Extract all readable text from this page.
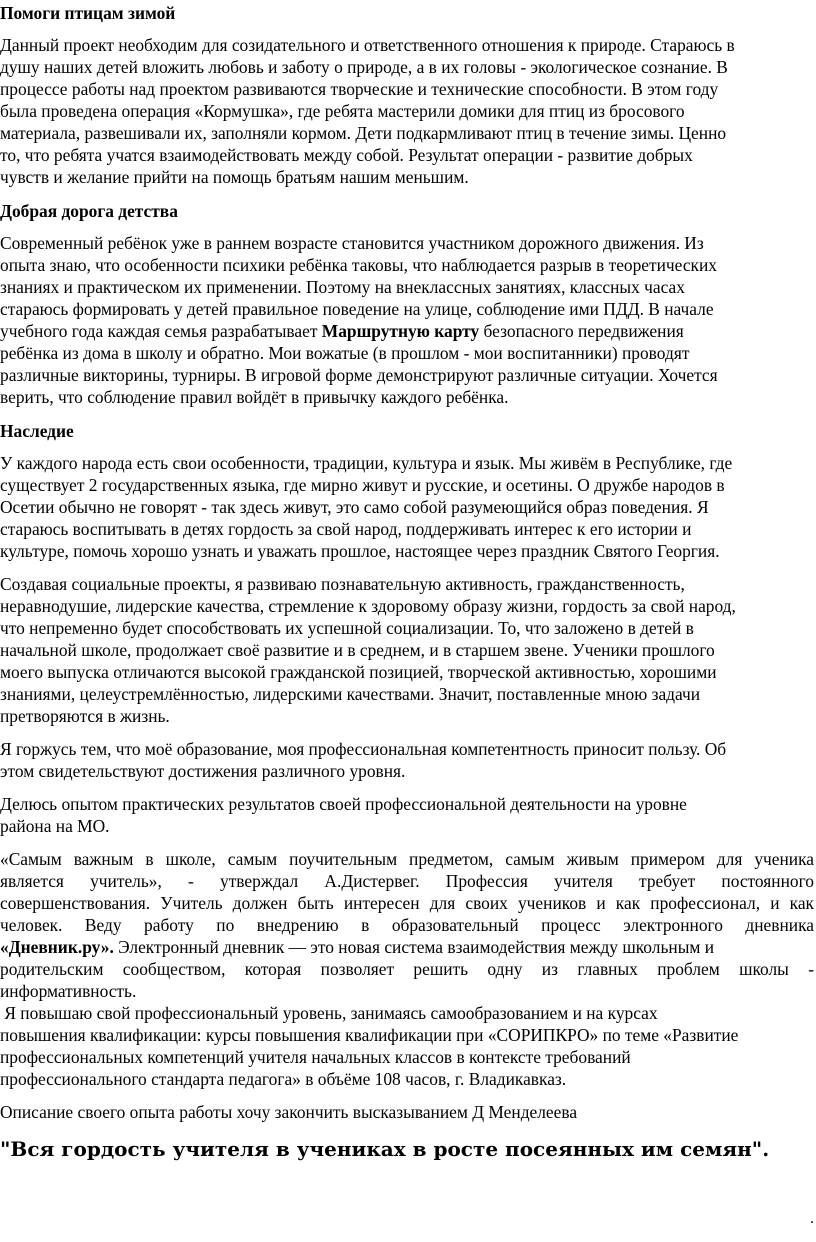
Помоги птицам зимой
Данный проект необходим для созидательного и ответственного отношения к природе. Стараюсь в
душу наших детей вложить любовь и заботу о природе, а в их головы - экологическое сознание. В
процессе работы над проектом развиваются творческие и технические способности. В этом году
была проведена операция «Кормушка», где ребята мастерили домики для птиц из бросового
материала, развешивали их, заполняли кормом. Дети подкармливают птиц в течение зимы. Ценно
то, что ребята учатся взаимодействовать между собой. Результат операции - развитие добрых
чувств и желание прийти на помощь братьям нашим меньшим.
Добрая дорога детства
Современный ребёнок уже в раннем возрасте становится участником дорожного движения. Из
опыта знаю, что особенности психики ребёнка таковы, что наблюдается разрыв в теоретических
знаниях и практическом их применении. Поэтому на внеклассных занятиях, классных часах
стараюсь формировать у детей правильное поведение на улице, соблюдение ими ПДД. В начале
учебного года каждая семья разрабатывает Маршрутную карту безопасного передвижения
ребёнка из дома в школу и обратно. Мои вожатые (в прошлом - мои воспитанники) проводят
различные викторины, турниры. В игровой форме демонстрируют различные ситуации. Хочется
верить, что соблюдение правил войдёт в привычку каждого ребёнка.
Наследие
У каждого народа есть свои особенности, традиции, культура и язык. Мы живём в Республике, где
существует 2 государственных языка, где мирно живут и русские, и осетины. О дружбе народов в
Осетии обычно не говорят - так здесь живут, это само собой разумеющийся образ поведения. Я
стараюсь воспитывать в детях гордость за свой народ, поддерживать интерес к его истории и
культуре, помочь хорошо узнать и уважать прошлое, настоящее через праздник Святого Георгия.
Создавая социальные проекты, я развиваю познавательную активность, гражданственность,
неравнодушие, лидерские качества, стремление к здоровому образу жизни, гордость за свой народ,
что непременно будет способствовать их успешной социализации. То, что заложено в детей в
начальной школе, продолжает своё развитие и в среднем, и в старшем звене. Ученики прошлого
моего выпуска отличаются высокой гражданской позицией, творческой активностью, хорошими
знаниями, целеустремлённостью, лидерскими качествами. Значит, поставленные мною задачи
претворяются в жизнь.
Я горжусь тем, что моё образование, моя профессиональная компетентность приносит пользу. Об
этом свидетельствуют достижения различного уровня.
Делюсь опытом практических результатов своей профессиональной деятельности на уровне
района на МО.
«Самым важным в школе, самым поучительным предметом, самым живым примером для ученика
является учитель», - утверждал А.Дистервег. Профессия учителя требует постоянного
совершенствования. Учитель должен быть интересен для своих учеников и как профессионал, и как
человек. Веду работу по внедрению в образовательный процесс электронного дневника
«Дневник.ру». Электронный дневник — это новая система взаимодействия между школьным и
родительским сообществом, которая позволяет решить одну из главных проблем школы -
информативность.
Я повышаю свой профессиональный уровень, занимаясь самообразованием и на курсах
повышения квалификации: курсы повышения квалификации при «СОРИПКРО» по теме «Развитие
профессиональных компетенций учителя начальных классов в контексте требований
профессионального стандарта педагога» в объёме 108 часов, г. Владикавказ.
Описание своего опыта работы хочу закончить высказыванием Д Менделеева
"Вся гордость учителя в учениках в росте посеянных им семян".
.
